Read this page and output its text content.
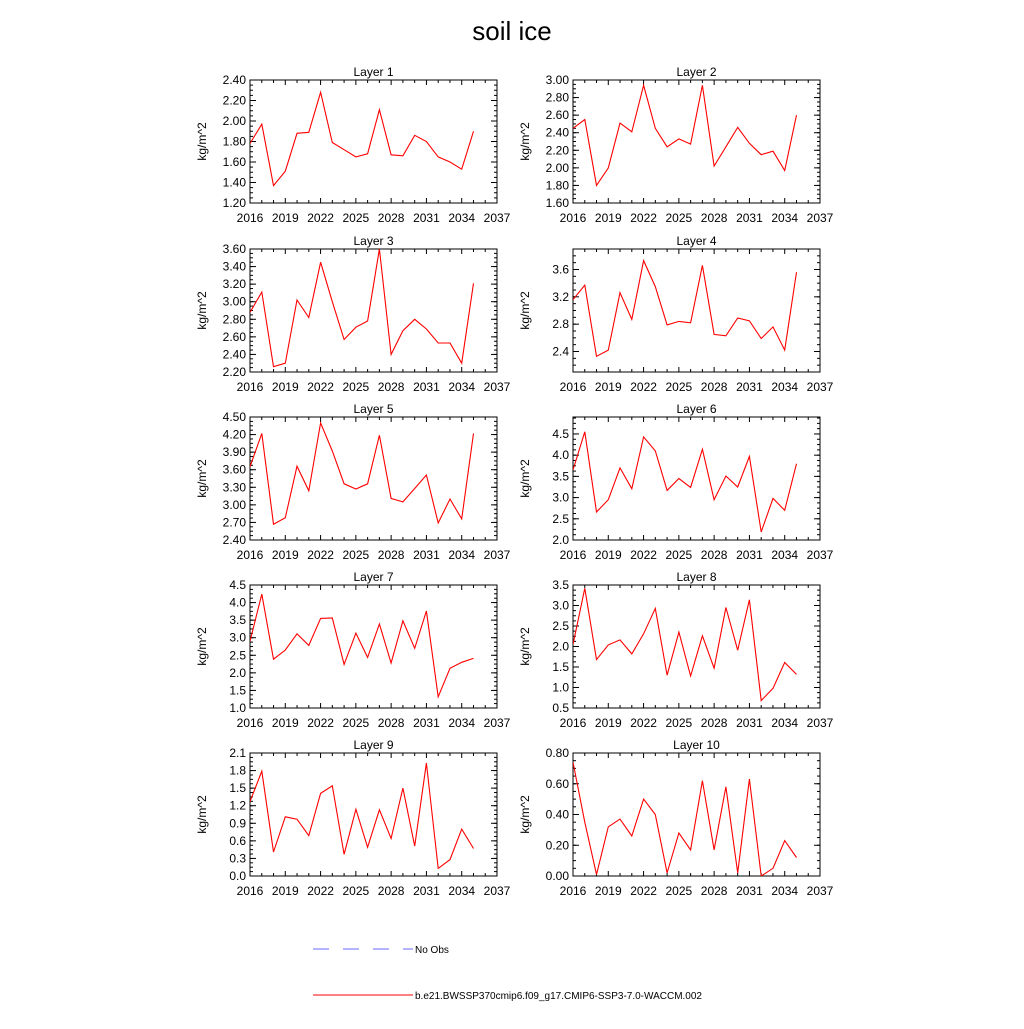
soil ice
Layer 1
kg/m^2
2016 2019 2022 2025 2028 2031 2034 2037
1.20
1.40
1.60
1.80
2.00
2.20
2.40
Layer 2
kg/m^2
2016 2019 2022 2025 2028 2031 2034 2037
1.60
1.80
2.00
2.20
2.40
2.60
2.80
3.00
Layer 3
kg/m^2
2016 2019 2022 2025 2028 2031 2034 2037
2.20
2.40
2.60
2.80
3.00
3.20
3.40
3.60
Layer 4
kg/m^2
2016 2019 2022 2025 2028 2031 2034 2037
2.4
2.8
3.2
3.6
Layer 5
kg/m^2
2016 2019 2022 2025 2028 2031 2034 2037
2.40
2.70
3.00
3.30
3.60
3.90
4.20
4.50
Layer 6
kg/m^2
2016 2019 2022 2025 2028 2031 2034 2037
2.0
2.5
3.0
3.5
4.0
4.5
Layer 7
kg/m^2
2016 2019 2022 2025 2028 2031 2034 2037
1.0
1.5
2.0
2.5
3.0
3.5
4.0
4.5
Layer 8
kg/m^2
2016 2019 2022 2025 2028 2031 2034 2037
0.5
1.0
1.5
2.0
2.5
3.0
3.5
Layer 9
kg/m^2
2016 2019 2022 2025 2028 2031 2034 2037
0.0
0.3
0.6
0.9
1.2
1.5
1.8
2.1
Layer 10
kg/m^2
2016 2019 2022 2025 2028 2031 2034 2037
0.00
0.20
0.40
0.60
0.80
No Obs
b.e21.BWSSP370cmip6.f09_g17.CMIP6-SSP3-7.0-WACCM.002
